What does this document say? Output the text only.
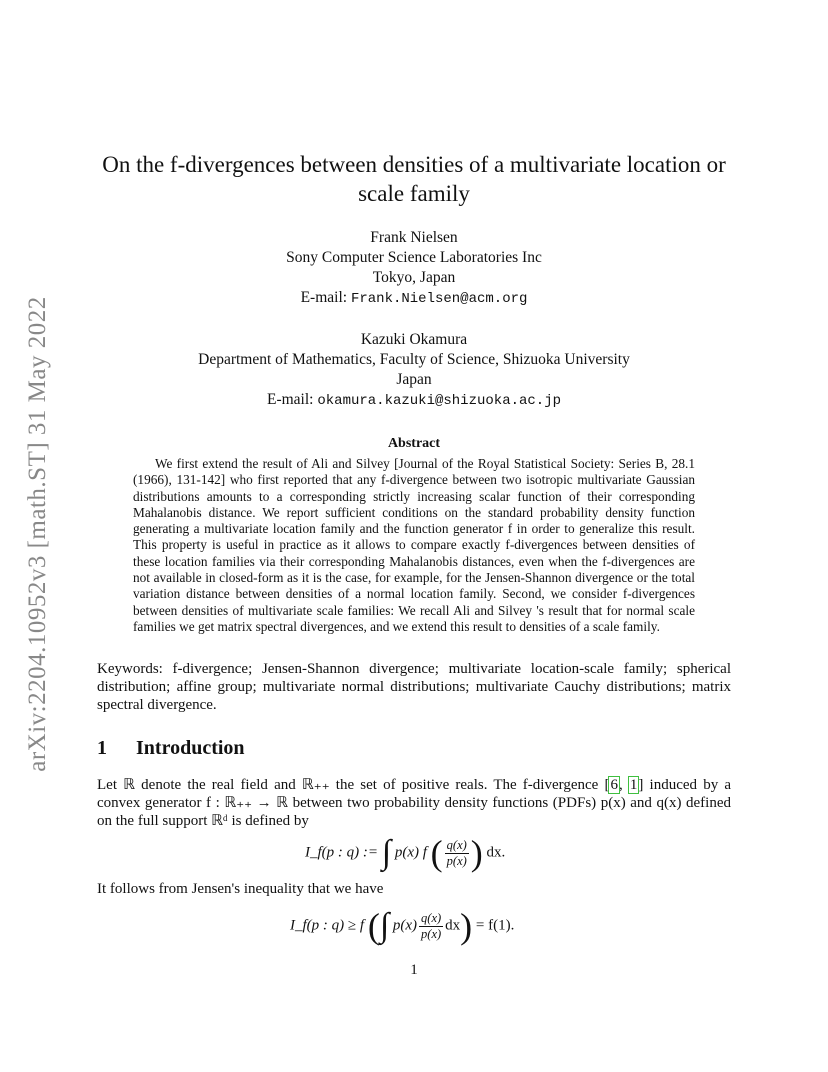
arXiv:2204.10952v3 [math.ST] 31 May 2022
On the f-divergences between densities of a multivariate location or scale family
Frank Nielsen
Sony Computer Science Laboratories Inc
Tokyo, Japan
E-mail: Frank.Nielsen@acm.org
Kazuki Okamura
Department of Mathematics, Faculty of Science, Shizuoka University
Japan
E-mail: okamura.kazuki@shizuoka.ac.jp
Abstract
We first extend the result of Ali and Silvey [Journal of the Royal Statistical Society: Series B, 28.1 (1966), 131-142] who first reported that any f-divergence between two isotropic multivariate Gaussian distributions amounts to a corresponding strictly increasing scalar function of their corresponding Mahalanobis distance. We report sufficient conditions on the standard probability density function generating a multivariate location family and the function generator f in order to generalize this result. This property is useful in practice as it allows to compare exactly f-divergences between densities of these location families via their corresponding Mahalanobis distances, even when the f-divergences are not available in closed-form as it is the case, for example, for the Jensen-Shannon divergence or the total variation distance between densities of a normal location family. Second, we consider f-divergences between densities of multivariate scale families: We recall Ali and Silvey 's result that for normal scale families we get matrix spectral divergences, and we extend this result to densities of a scale family.
Keywords: f-divergence; Jensen-Shannon divergence; multivariate location-scale family; spherical distribution; affine group; multivariate normal distributions; multivariate Cauchy distributions; matrix spectral divergence.
1 Introduction
Let ℝ denote the real field and ℝ₊₊ the set of positive reals. The f-divergence [6, 1] induced by a convex generator f : ℝ₊₊ → ℝ between two probability density functions (PDFs) p(x) and q(x) defined on the full support ℝᵈ is defined by
I_f(p : q) := ∫ p(x) f ( $\frac{q(x)}{p(x)}$ ) dx.
It follows from Jensen's inequality that we have
I_f(p : q) ≥ f (∫ $p(x) \frac{q(x)}{p(x)} dx) = f(1)$.
1
